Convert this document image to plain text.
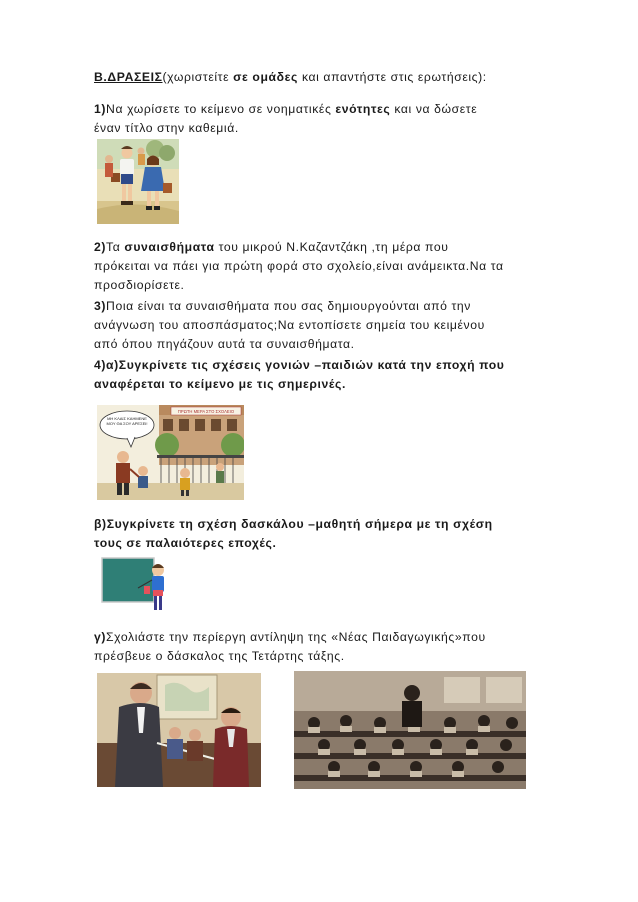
Β.ΔΡΑΣΕΙΣ(χωριστείτε σε ομάδες και απαντήστε στις ερωτήσεις):
1)Να χωρίσετε το κείμενο σε νοηματικές ενότητες και να δώσετε
έναν τίτλο στην καθεμιά.
2)Τα συναισθήματα του μικρού Ν.Καζαντζάκη ,τη μέρα που
πρόκειται να πάει για πρώτη φορά στο σχολείο,είναι ανάμεικτα.Να τα
προσδιορίσετε.
3)Ποια είναι τα συναισθήματα που σας δημιουργούνται από την
ανάγνωση του αποσπάσματος;Να εντοπίσετε σημεία του κειμένου
από όπου πηγάζουν αυτά τα συναισθήματα.
4)α)Συγκρίνετε τις σχέσεις γονιών –παιδιών κατά την εποχή που
αναφέρεται το κείμενο με τις σημερινές.
ΠΡΩΤΗ ΜΕΡΑ ΣΤΟ ΣΧΟΛΕΙΟ
ΜΗ ΚΛΑΙΣ ΚΑΗΜΕΝΕ ΜΟΥ ΘΑ ΣΟΥ ΑΡΕΣΕΙ!
β)Συγκρίνετε τη σχέση δασκάλου –μαθητή σήμερα με τη σχέση
τους σε παλαιότερες εποχές.
γ)Σχολιάστε την περίεργη αντίληψη της «Νέας Παιδαγωγικής»που
πρέσβευε ο δάσκαλος της Τετάρτης τάξης.
